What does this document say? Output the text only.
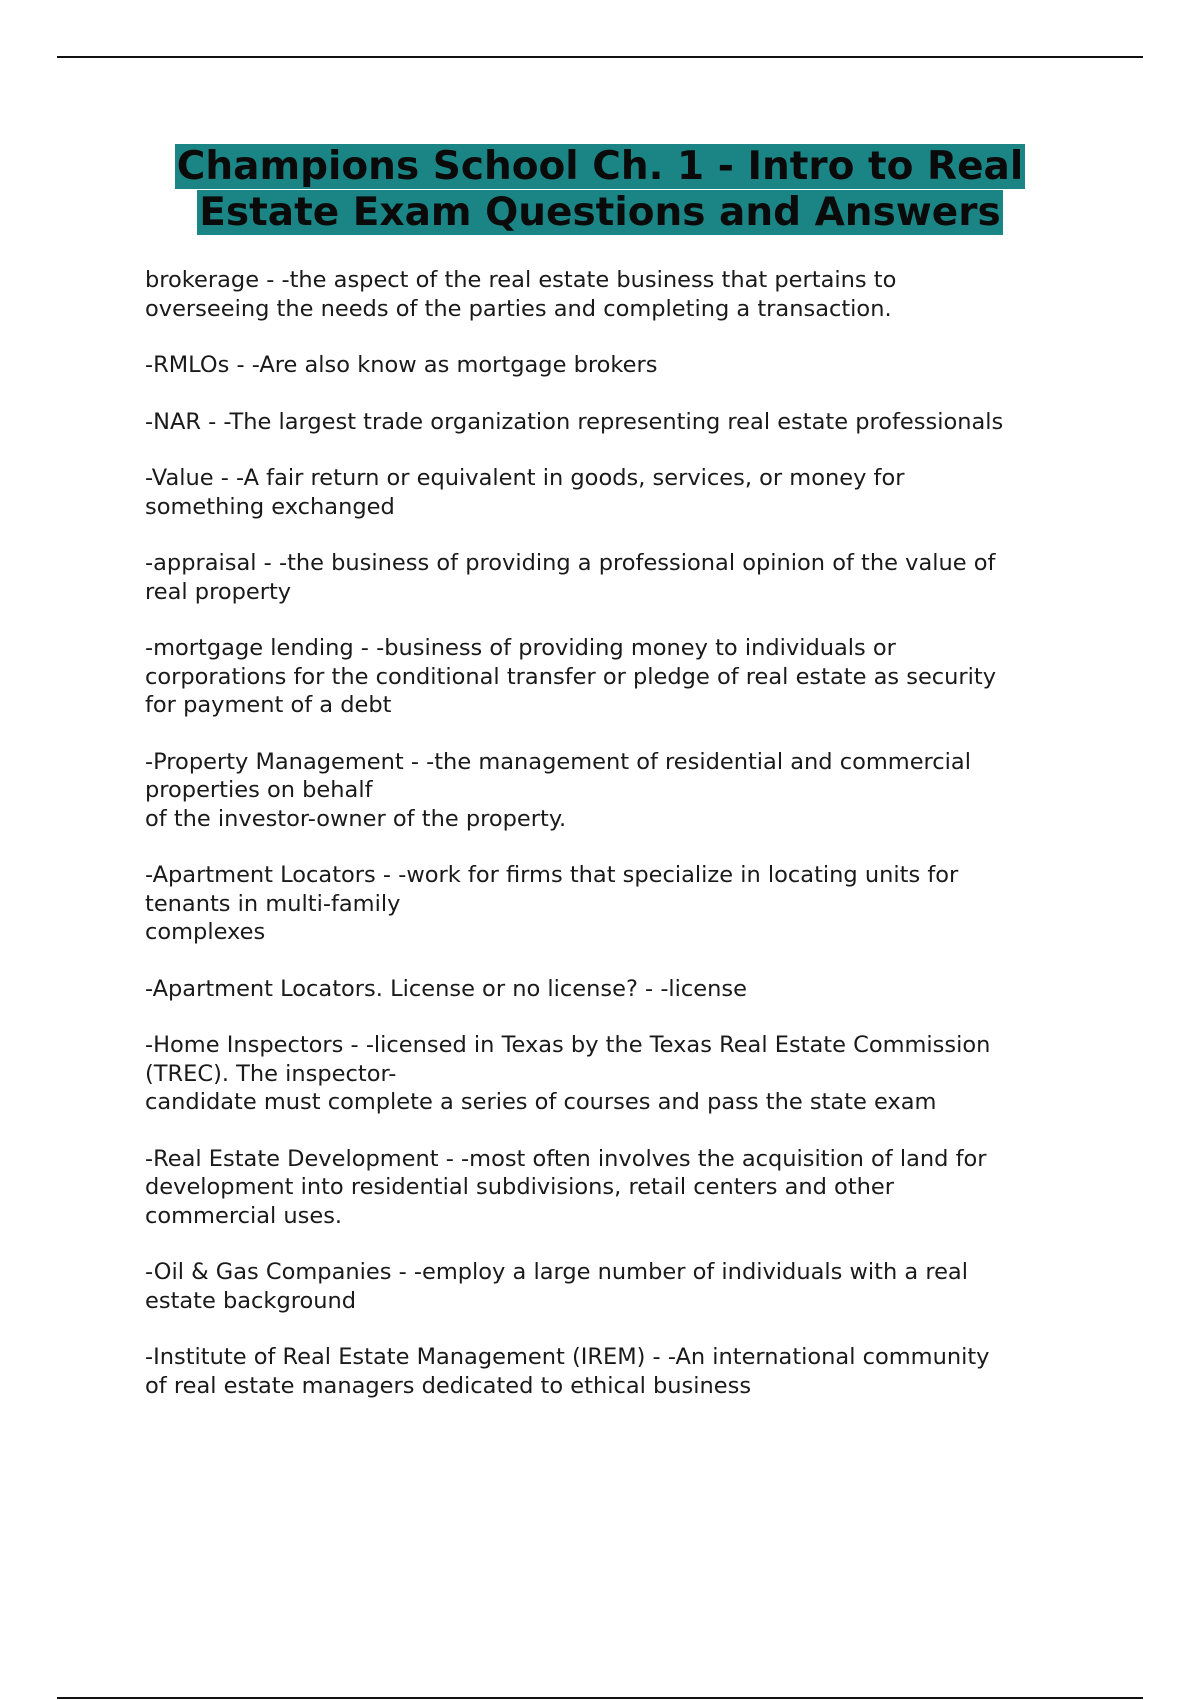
Champions School Ch. 1 - Intro to Real
Estate Exam Questions and Answers

brokerage - -the aspect of the real estate business that pertains to
overseeing the needs of the parties and completing a transaction.

-RMLOs - -Are also know as mortgage brokers

-NAR - -The largest trade organization representing real estate professionals

-Value - -A fair return or equivalent in goods, services, or money for
something exchanged

-appraisal - -the business of providing a professional opinion of the value of
real property

-mortgage lending - -business of providing money to individuals or
corporations for the conditional transfer or pledge of real estate as security
for payment of a debt

-Property Management - -the management of residential and commercial
properties on behalf
of the investor-owner of the property.

-Apartment Locators - -work for firms that specialize in locating units for
tenants in multi-family
complexes

-Apartment Locators. License or no license? - -license

-Home Inspectors - -licensed in Texas by the Texas Real Estate Commission
(TREC). The inspector-
candidate must complete a series of courses and pass the state exam

-Real Estate Development - -most often involves the acquisition of land for
development into residential subdivisions, retail centers and other
commercial uses.

-Oil & Gas Companies - -employ a large number of individuals with a real
estate background

-Institute of Real Estate Management (IREM) - -An international community
of real estate managers dedicated to ethical business
